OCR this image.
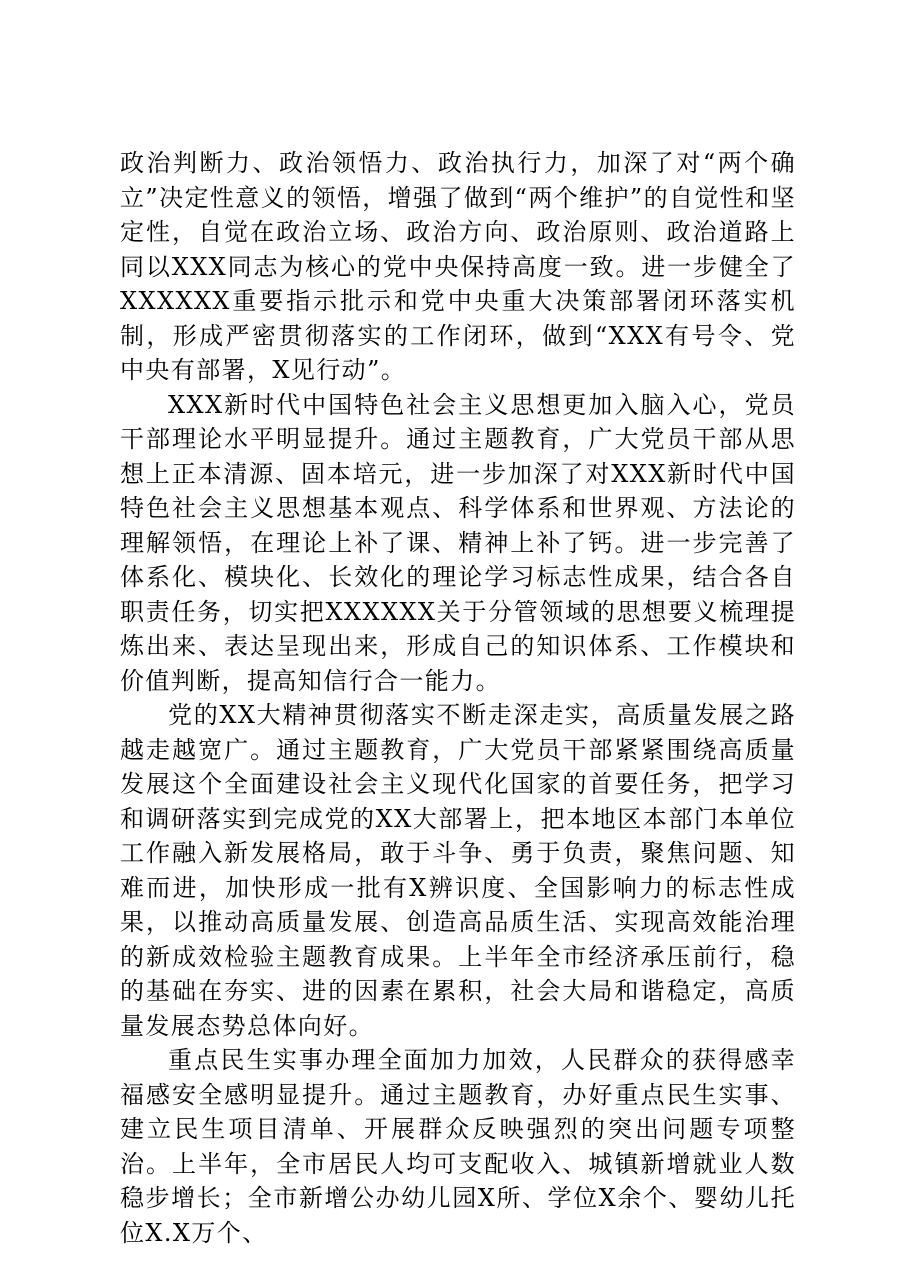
政治判断力、政治领悟力、政治执行力，加深了对“两个确立”决定性意义的领悟，增强了做到“两个维护”的自觉性和坚定性，自觉在政治立场、政治方向、政治原则、政治道路上同以XXX同志为核心的党中央保持高度一致。进一步健全了XXXXXX重要指示批示和党中央重大决策部署闭环落实机制，形成严密贯彻落实的工作闭环，做到“XXX有号令、党中央有部署，X见行动”。

XXX新时代中国特色社会主义思想更加入脑入心，党员干部理论水平明显提升。通过主题教育，广大党员干部从思想上正本清源、固本培元，进一步加深了对XXX新时代中国特色社会主义思想基本观点、科学体系和世界观、方法论的理解领悟，在理论上补了课、精神上补了钙。进一步完善了体系化、模块化、长效化的理论学习标志性成果，结合各自职责任务，切实把XXXXXX关于分管领域的思想要义梳理提炼出来、表达呈现出来，形成自己的知识体系、工作模块和价值判断，提高知信行合一能力。

党的XX大精神贯彻落实不断走深走实，高质量发展之路越走越宽广。通过主题教育，广大党员干部紧紧围绕高质量发展这个全面建设社会主义现代化国家的首要任务，把学习和调研落实到完成党的XX大部署上，把本地区本部门本单位工作融入新发展格局，敢于斗争、勇于负责，聚焦问题、知难而进，加快形成一批有X辨识度、全国影响力的标志性成果，以推动高质量发展、创造高品质生活、实现高效能治理的新成效检验主题教育成果。上半年全市经济承压前行，稳的基础在夯实、进的因素在累积，社会大局和谐稳定，高质量发展态势总体向好。

重点民生实事办理全面加力加效，人民群众的获得感幸福感安全感明显提升。通过主题教育，办好重点民生实事、建立民生项目清单、开展群众反映强烈的突出问题专项整治。上半年，全市居民人均可支配收入、城镇新增就业人数稳步增长；全市新增公办幼儿园X所、学位X余个、婴幼儿托位X.X万个、
